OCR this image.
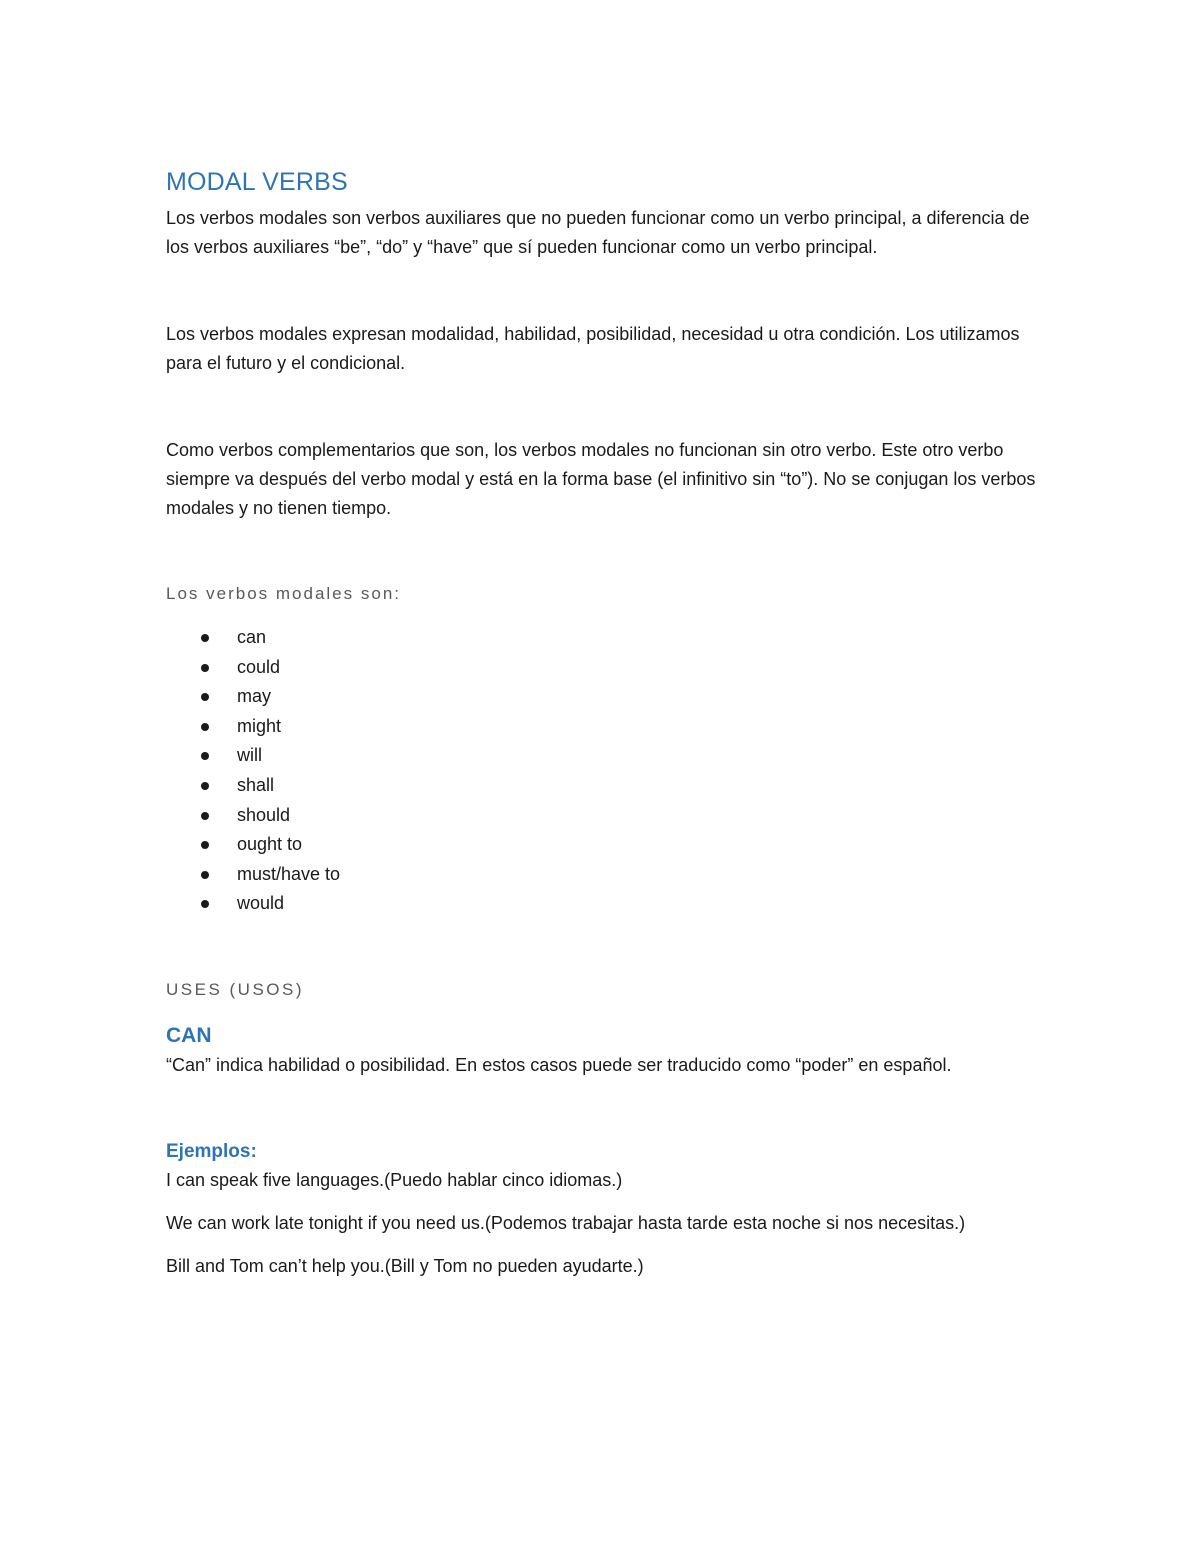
MODAL VERBS

Los verbos modales son verbos auxiliares que no pueden funcionar como un verbo principal, a diferencia de los verbos auxiliares “be”, “do” y “have” que sí pueden funcionar como un verbo principal.

Los verbos modales expresan modalidad, habilidad, posibilidad, necesidad u otra condición. Los utilizamos para el futuro y el condicional.

Como verbos complementarios que son, los verbos modales no funcionan sin otro verbo. Este otro verbo siempre va después del verbo modal y está en la forma base (el infinitivo sin “to”). No se conjugan los verbos modales y no tienen tiempo.

Los verbos modales son:

can
could
may
might
will
shall
should
ought to
must/have to
would

USES (USOS)

CAN

“Can” indica habilidad o posibilidad. En estos casos puede ser traducido como “poder” en español.

Ejemplos:

I can speak five languages.(Puedo hablar cinco idiomas.)

We can work late tonight if you need us.(Podemos trabajar hasta tarde esta noche si nos necesitas.)

Bill and Tom can’t help you.(Bill y Tom no pueden ayudarte.)
